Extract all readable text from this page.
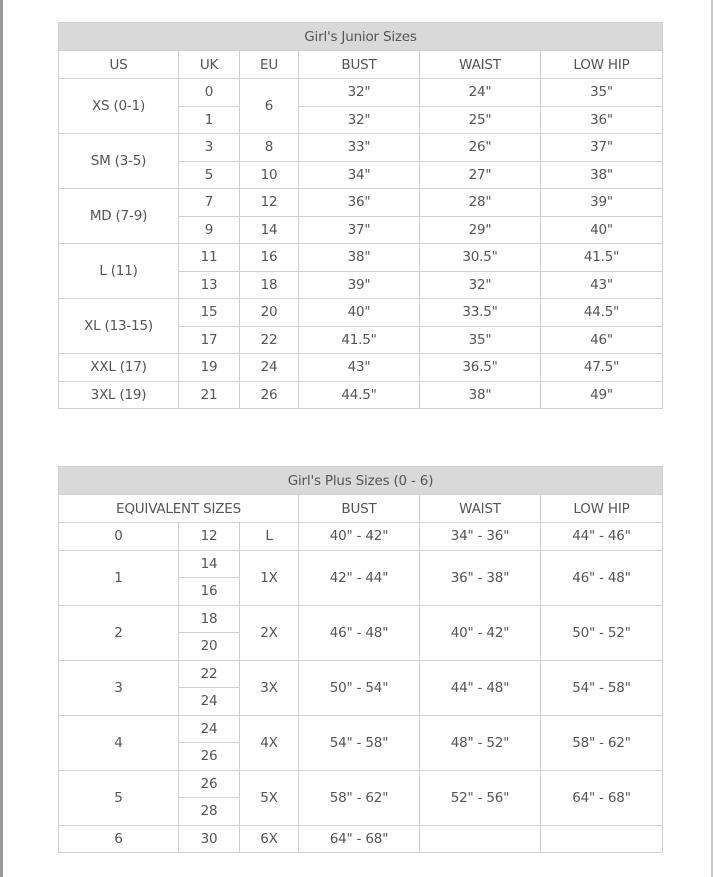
Girl's Junior Sizes					
US	UK	EU	BUST	WAIST	LOW HIP
XS (0-1)	0	6	32"	24"	35"
	1		32"	25"	36"
SM (3-5)	3	8	33"	26"	37"
	5	10	34"	27"	38"
MD (7-9)	7	12	36"	28"	39"
	9	14	37"	29"	40"
L (11)	11	16	38"	30.5"	41.5"
	13	18	39"	32"	43"
XL (13-15)	15	20	40"	33.5"	44.5"
	17	22	41.5"	35"	46"
XXL (17)	19	24	43"	36.5"	47.5"
3XL (19)	21	26	44.5"	38"	49"
Girl's Plus Sizes (0 - 6)					
EQUIVALENT SIZES			BUST	WAIST	LOW HIP
0	12	L	40" - 42"	34" - 36"	44" - 46"
1	14	1X	42" - 44"	36" - 38"	46" - 48"
	16				
2	18	2X	46" - 48"	40" - 42"	50" - 52"
	20				
3	22	3X	50" - 54"	44" - 48"	54" - 58"
	24				
4	24	4X	54" - 58"	48" - 52"	58" - 62"
	26				
5	26	5X	58" - 62"	52" - 56"	64" - 68"
	28				
6	30	6X	64" - 68"		
